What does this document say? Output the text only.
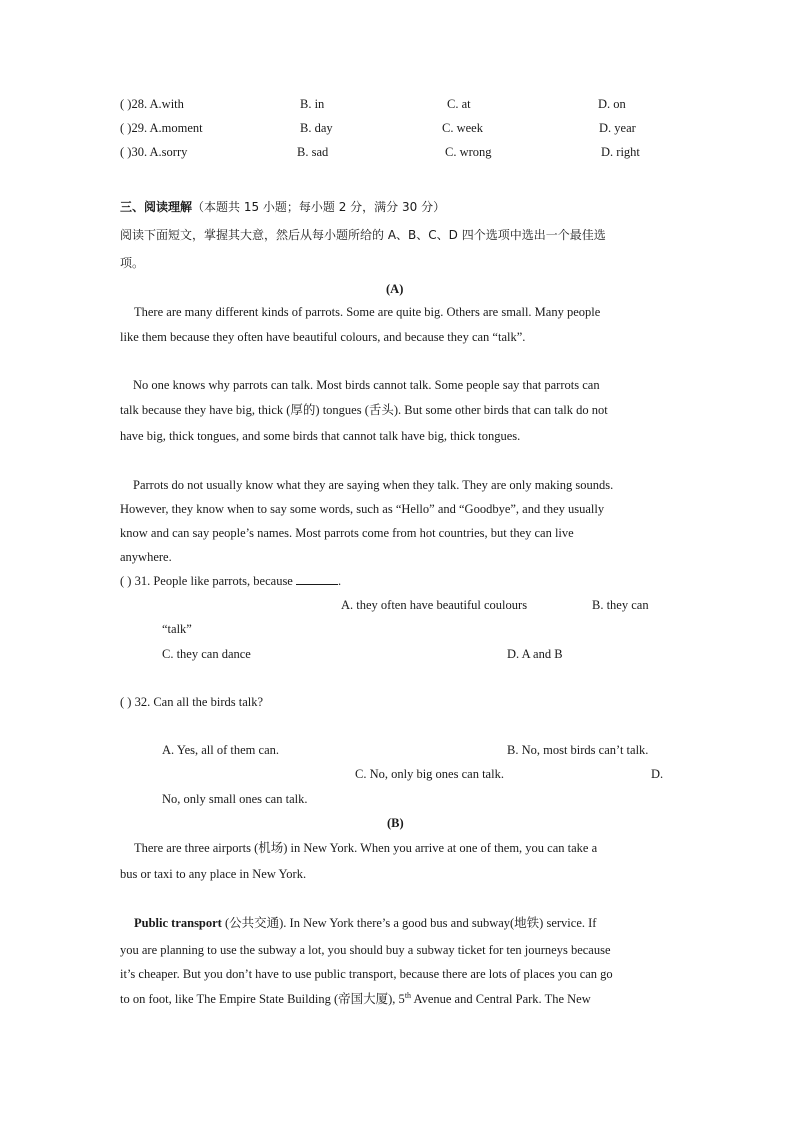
( )28. A.with	B. in	C. at	D. on
( )29. A.moment	B. day	C. week	D. year
( )30. A.sorry	B. sad	C. wrong	D. right
三、阅读理解（本题共 15 小题；每小题 2 分，满分 30 分）
阅读下面短文，掌握其大意，然后从每小题所给的 A、B、C、D 四个选项中选出一个最佳选
项。
(A)
There are many different kinds of parrots. Some are quite big. Others are small. Many people
like them because they often have beautiful colours, and because they can “talk”.
No one knows why parrots can talk. Most birds cannot talk. Some people say that parrots can
talk because they have big, thick (厚的) tongues (舌头). But some other birds that can talk do not
have big, thick tongues, and some birds that cannot talk have big, thick tongues.
Parrots do not usually know what they are saying when they talk. They are only making sounds.
However, they know when to say some words, such as “Hello” and “Goodbye”, and they usually
know and can say people’s names. Most parrots come from hot countries, but they can live
anywhere.
( ) 31. People like parrots, because	.
A. they often have beautiful coulours	B. they can
“talk”
C. they can dance	D. A and B
( ) 32. Can all the birds talk?
A. Yes, all of them can.	B. No, most birds can’t talk.
C. No, only big ones can talk.	D.
No, only small ones can talk.
(B)
There are three airports (机场) in New York. When you arrive at one of them, you can take a
bus or taxi to any place in New York.
Public transport (公共交通). In New York there’s a good bus and subway(地铁) service. If
you are planning to use the subway a lot, you should buy a subway ticket for ten journeys because
it’s cheaper. But you don’t have to use public transport, because there are lots of places you can go
to on foot, like The Empire State Building (帝国大厦), 5th Avenue and Central Park. The New
